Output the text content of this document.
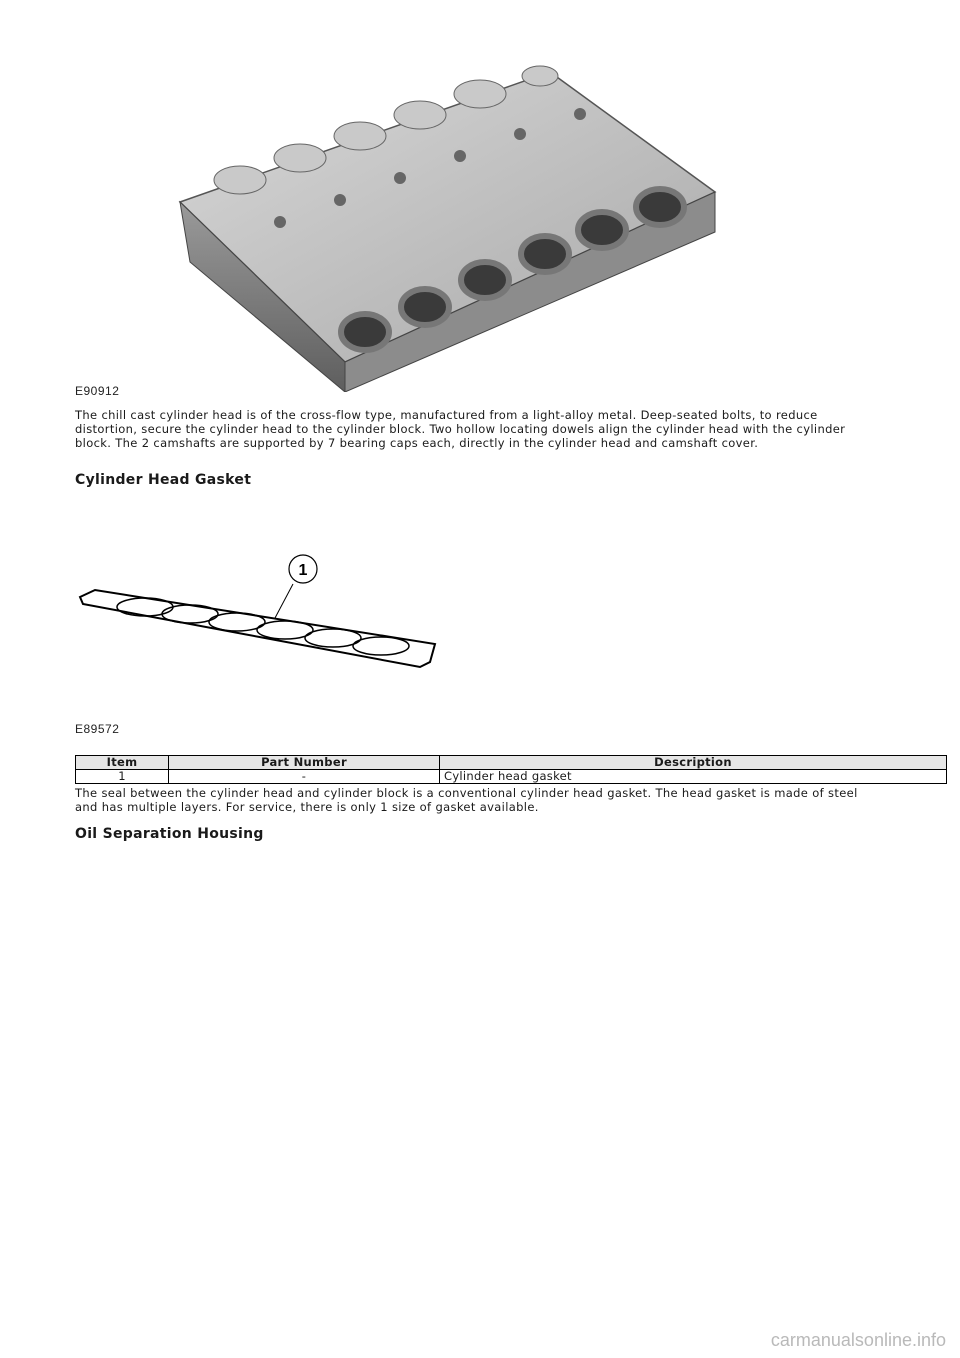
E90912

The chill cast cylinder head is of the cross-flow type, manufactured from a light-alloy metal. Deep-seated bolts, to reduce distortion, secure the cylinder head to the cylinder block. Two hollow locating dowels align the cylinder head with the cylinder block. The 2 camshafts are supported by 7 bearing caps each, directly in the cylinder head and camshaft cover.

Cylinder Head Gasket
1
E89572
Item	Part Number	Description
1	-	Cylinder head gasket

The seal between the cylinder head and cylinder block is a conventional cylinder head gasket. The head gasket is made of steel and has multiple layers. For service, there is only 1 size of gasket available.

Oil Separation Housing
carmanualsonline.info
